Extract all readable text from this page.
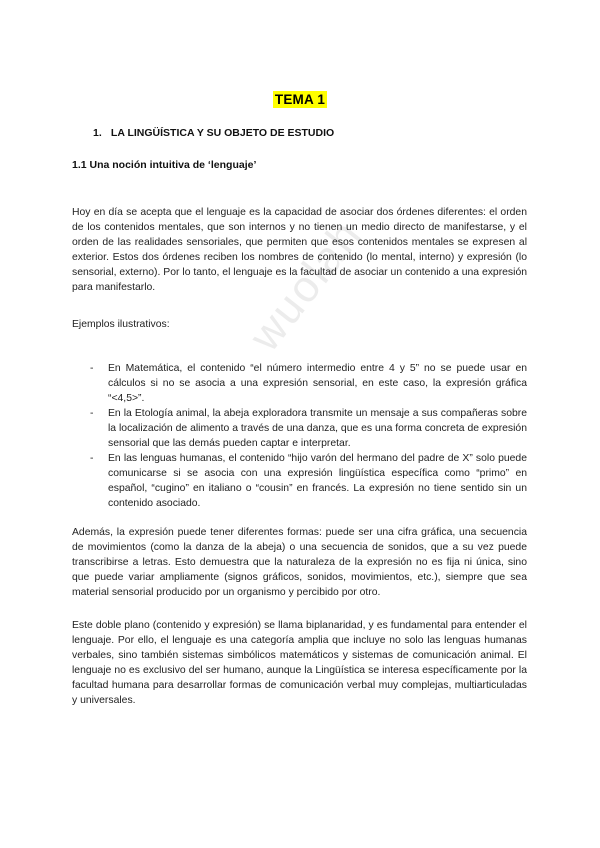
wuolah
TEMA 1
1. LA LINGÜÍSTICA Y SU OBJETO DE ESTUDIO
1.1 Una noción intuitiva de ‘lenguaje’

Hoy en día se acepta que el lenguaje es la capacidad de asociar dos órdenes diferentes: el orden de los contenidos mentales, que son internos y no tienen un medio directo de manifestarse, y el orden de las realidades sensoriales, que permiten que esos contenidos mentales se expresen al exterior. Estos dos órdenes reciben los nombres de contenido (lo mental, interno) y expresión (lo sensorial, externo). Por lo tanto, el lenguaje es la facultad de asociar un contenido a una expresión para manifestarlo.

Ejemplos ilustrativos:

- En Matemática, el contenido “el número intermedio entre 4 y 5” no se puede usar en cálculos si no se asocia a una expresión sensorial, en este caso, la expresión gráfica “<4,5>”.
- En la Etología animal, la abeja exploradora transmite un mensaje a sus compañeras sobre la localización de alimento a través de una danza, que es una forma concreta de expresión sensorial que las demás pueden captar e interpretar.
- En las lenguas humanas, el contenido “hijo varón del hermano del padre de X” solo puede comunicarse si se asocia con una expresión lingüística específica como “primo” en español, “cugino” en italiano o “cousin” en francés. La expresión no tiene sentido sin un contenido asociado.

Además, la expresión puede tener diferentes formas: puede ser una cifra gráfica, una secuencia de movimientos (como la danza de la abeja) o una secuencia de sonidos, que a su vez puede transcribirse a letras. Esto demuestra que la naturaleza de la expresión no es fija ni única, sino que puede variar ampliamente (signos gráficos, sonidos, movimientos, etc.), siempre que sea material sensorial producido por un organismo y percibido por otro.

Este doble plano (contenido y expresión) se llama biplanaridad, y es fundamental para entender el lenguaje. Por ello, el lenguaje es una categoría amplia que incluye no solo las lenguas humanas verbales, sino también sistemas simbólicos matemáticos y sistemas de comunicación animal. El lenguaje no es exclusivo del ser humano, aunque la Lingüística se interesa específicamente por la facultad humana para desarrollar formas de comunicación verbal muy complejas, multiarticuladas y universales.
